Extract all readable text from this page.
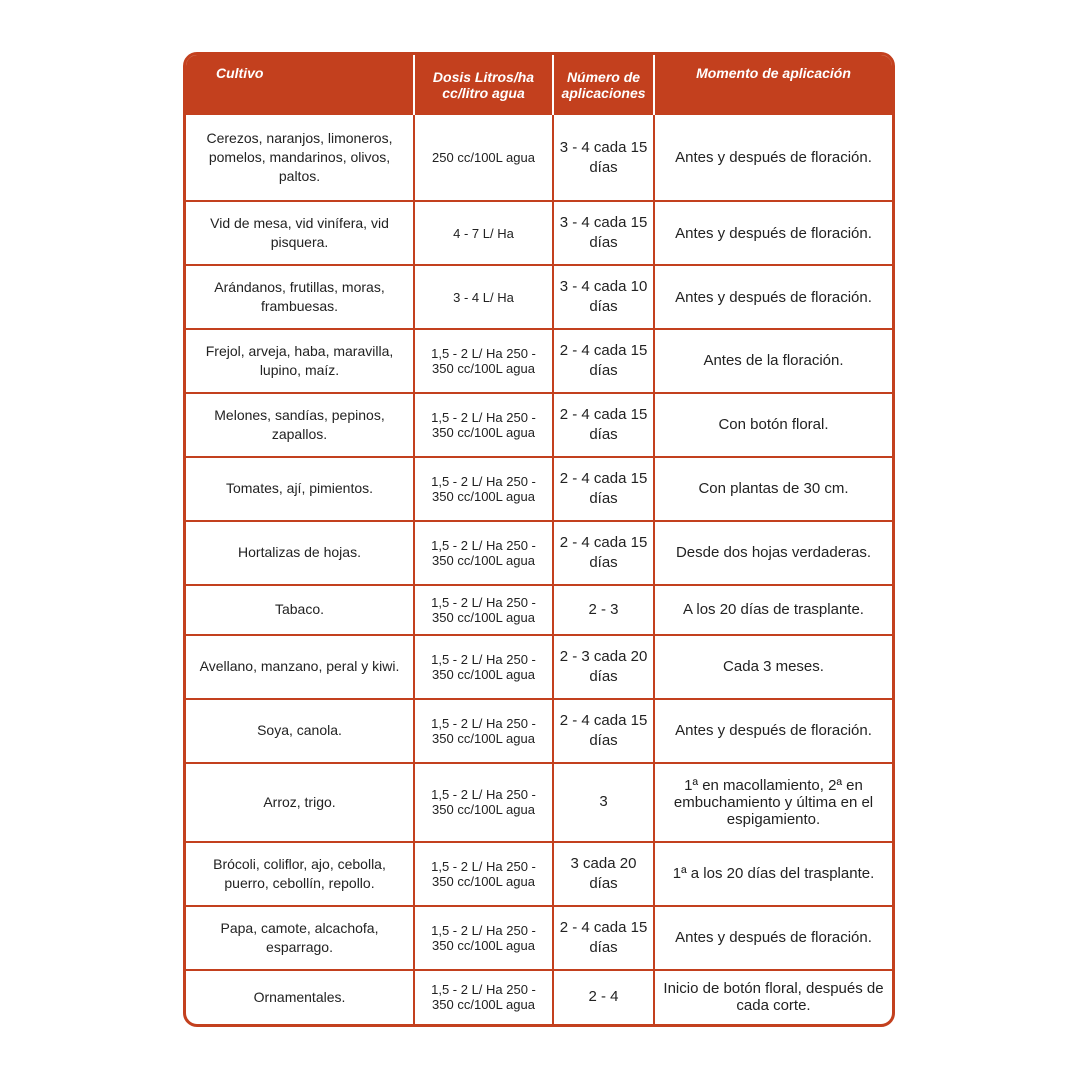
Cultivo	Dosis Litros/ha cc/litro agua	Número de aplicaciones	Momento de aplicación
Cerezos, naranjos, limoneros, pomelos, mandarinos, olivos, paltos.	250 cc/100L agua	3 - 4 cada 15 días	Antes y después de floración.
Vid de mesa, vid vinífera, vid pisquera.	4 - 7 L/ Ha	3 - 4 cada 15 días	Antes y después de floración.
Arándanos, frutillas, moras, frambuesas.	3 - 4 L/ Ha	3 - 4 cada 10 días	Antes y después de floración.
Frejol, arveja, haba, maravilla, lupino, maíz.	1,5 - 2 L/ Ha 250 - 350 cc/100L agua	2 - 4 cada 15 días	Antes de la floración.
Melones, sandías, pepinos, zapallos.	1,5 - 2 L/ Ha 250 - 350 cc/100L agua	2 - 4 cada 15 días	Con botón floral.
Tomates, ají, pimientos.	1,5 - 2 L/ Ha 250 - 350 cc/100L agua	2 - 4 cada 15 días	Con plantas de 30 cm.
Hortalizas de hojas.	1,5 - 2 L/ Ha 250 - 350 cc/100L agua	2 - 4 cada 15 días	Desde dos hojas verdaderas.
Tabaco.	1,5 - 2 L/ Ha 250 - 350 cc/100L agua	2 - 3	A los 20 días de trasplante.
Avellano, manzano, peral y kiwi.	1,5 - 2 L/ Ha 250 - 350 cc/100L agua	2 - 3 cada 20 días	Cada 3 meses.
Soya, canola.	1,5 - 2 L/ Ha 250 - 350 cc/100L agua	2 - 4 cada 15 días	Antes y después de floración.
Arroz, trigo.	1,5 - 2 L/ Ha 250 - 350 cc/100L agua	3	1ª en macollamiento, 2ª en embuchamiento y última en el espigamiento.
Brócoli, coliflor, ajo, cebolla, puerro, cebollín, repollo.	1,5 - 2 L/ Ha 250 - 350 cc/100L agua	3 cada 20 días	1ª a los 20 días del trasplante.
Papa, camote, alcachofa, esparrago.	1,5 - 2 L/ Ha 250 - 350 cc/100L agua	2 - 4 cada 15 días	Antes y después de floración.
Ornamentales.	1,5 - 2 L/ Ha 250 - 350 cc/100L agua	2 - 4	Inicio de botón floral, después de cada corte.
